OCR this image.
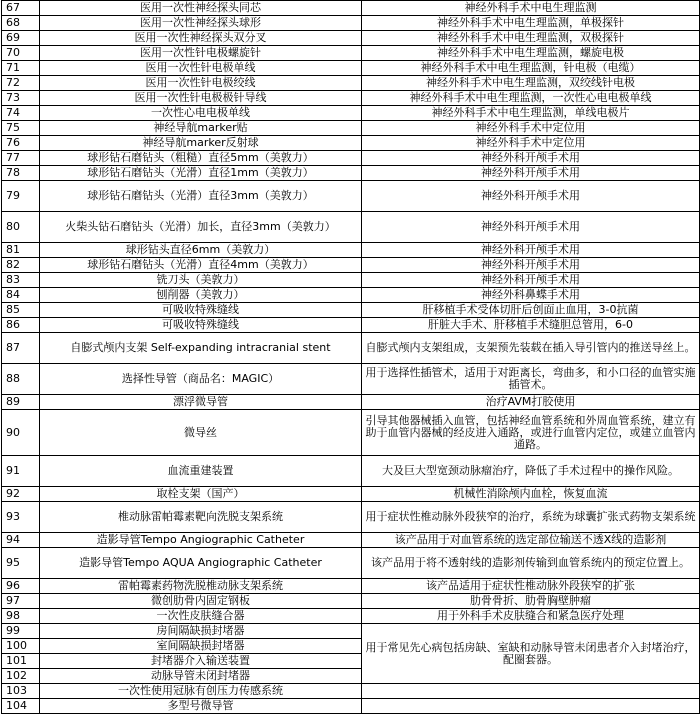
67	医用一次性神经探头同芯	神经外科手术中电生理监测
68	医用一次性神经探头球形	神经外科手术中电生理监测，单极探针
69	医用一次性神经探头双分叉	神经外科手术中电生理监测，双极探针
70	医用一次性针电极螺旋针	神经外科手术中电生理监测，螺旋电极
71	医用一次性针电极单线	神经外科手术中电生理监测，针电极（电缆）
72	医用一次性针电极绞线	神经外科手术中电生理监测，双绞线针电极
73	医用一次性针电极极针导线	神经外科手术中电生理监测，一次性心电电极单线
74	一次性心电电极单线	神经外科手术中电生理监测，单线电极片
75	神经导航marker贴	神经外科手术中定位用
76	神经导航marker反射球	神经外科手术中定位用
77	球形钻石磨钻头（粗糙）直径5mm（美敦力）	神经外科开颅手术用
78	球形钻石磨钻头（光滑）直径1mm（美敦力）	神经外科开颅手术用
79	球形钻石磨钻头（光滑）直径3mm（美敦力）	神经外科开颅手术用
80	火柴头钻石磨钻头（光滑）加长，直径3mm（美敦力）	神经外科开颅手术用
81	球形钻头直径6mm（美敦力）	神经外科开颅手术用
82	球形钻石磨钻头（光滑）直径4mm（美敦力）	神经外科开颅手术用
83	铣刀头（美敦力）	神经外科开颅手术用
84	刨削器（美敦力）	神经外科鼻蝶手术用
85	可吸收特殊缝线	肝移植手术受体切肝后创面止血用，3-0抗菌
86	可吸收特殊缝线	肝脏大手术、肝移植手术缝胆总管用，6-0
87	自膨式颅内支架 Self-expanding intracranial stent	自膨式颅内支架组成，支架预先装载在插入导引管内的推送导丝上。
88	选择性导管（商品名：MAGIC）	用于选择性插管术，适用于对距离长，弯曲多，和小口径的血管实施插管术。
89	漂浮微导管	治疗AVM打胶使用
90	微导丝	引导其他器械插入血管，包括神经血管系统和外周血管系统，建立有助于血管内器械的经皮进入通路，或进行血管内定位，或建立血管内通路。
91	血流重建装置	大及巨大型宽颈动脉瘤治疗，降低了手术过程中的操作风险。
92	取栓支架（国产）	机械性消除颅内血栓，恢复血流
93	椎动脉雷帕霉素靶向洗脱支架系统	用于症状性椎动脉外段狭窄的治疗，系统为球囊扩张式药物支架系统
94	造影导管Tempo Angiographic Catheter	该产品用于对血管系统的选定部位输送不透X线的造影剂
95	造影导管Tempo AQUA Angiographic Catheter	该产品用于将不透射线的造影剂传输到血管系统内的预定位置上。
96	雷帕霉素药物洗脱椎动脉支架系统	该产品适用于症状性椎动脉外段狭窄的扩张
97	微创肋骨内固定钢板	肋骨骨折、肋骨胸壁肿瘤
98	一次性皮肤缝合器	用于外科手术皮肤缝合和紧急医疗处理
99	房间隔缺损封堵器	用于常见先心病包括房缺、室缺和动脉导管未闭患者介入封堵治疗，配圈套器。
100	室间隔缺损封堵器	
101	封堵器介入输送装置	
102	动脉导管未闭封堵器	
103	一次性使用冠脉有创压力传感系统	
104	多型号微导管	
